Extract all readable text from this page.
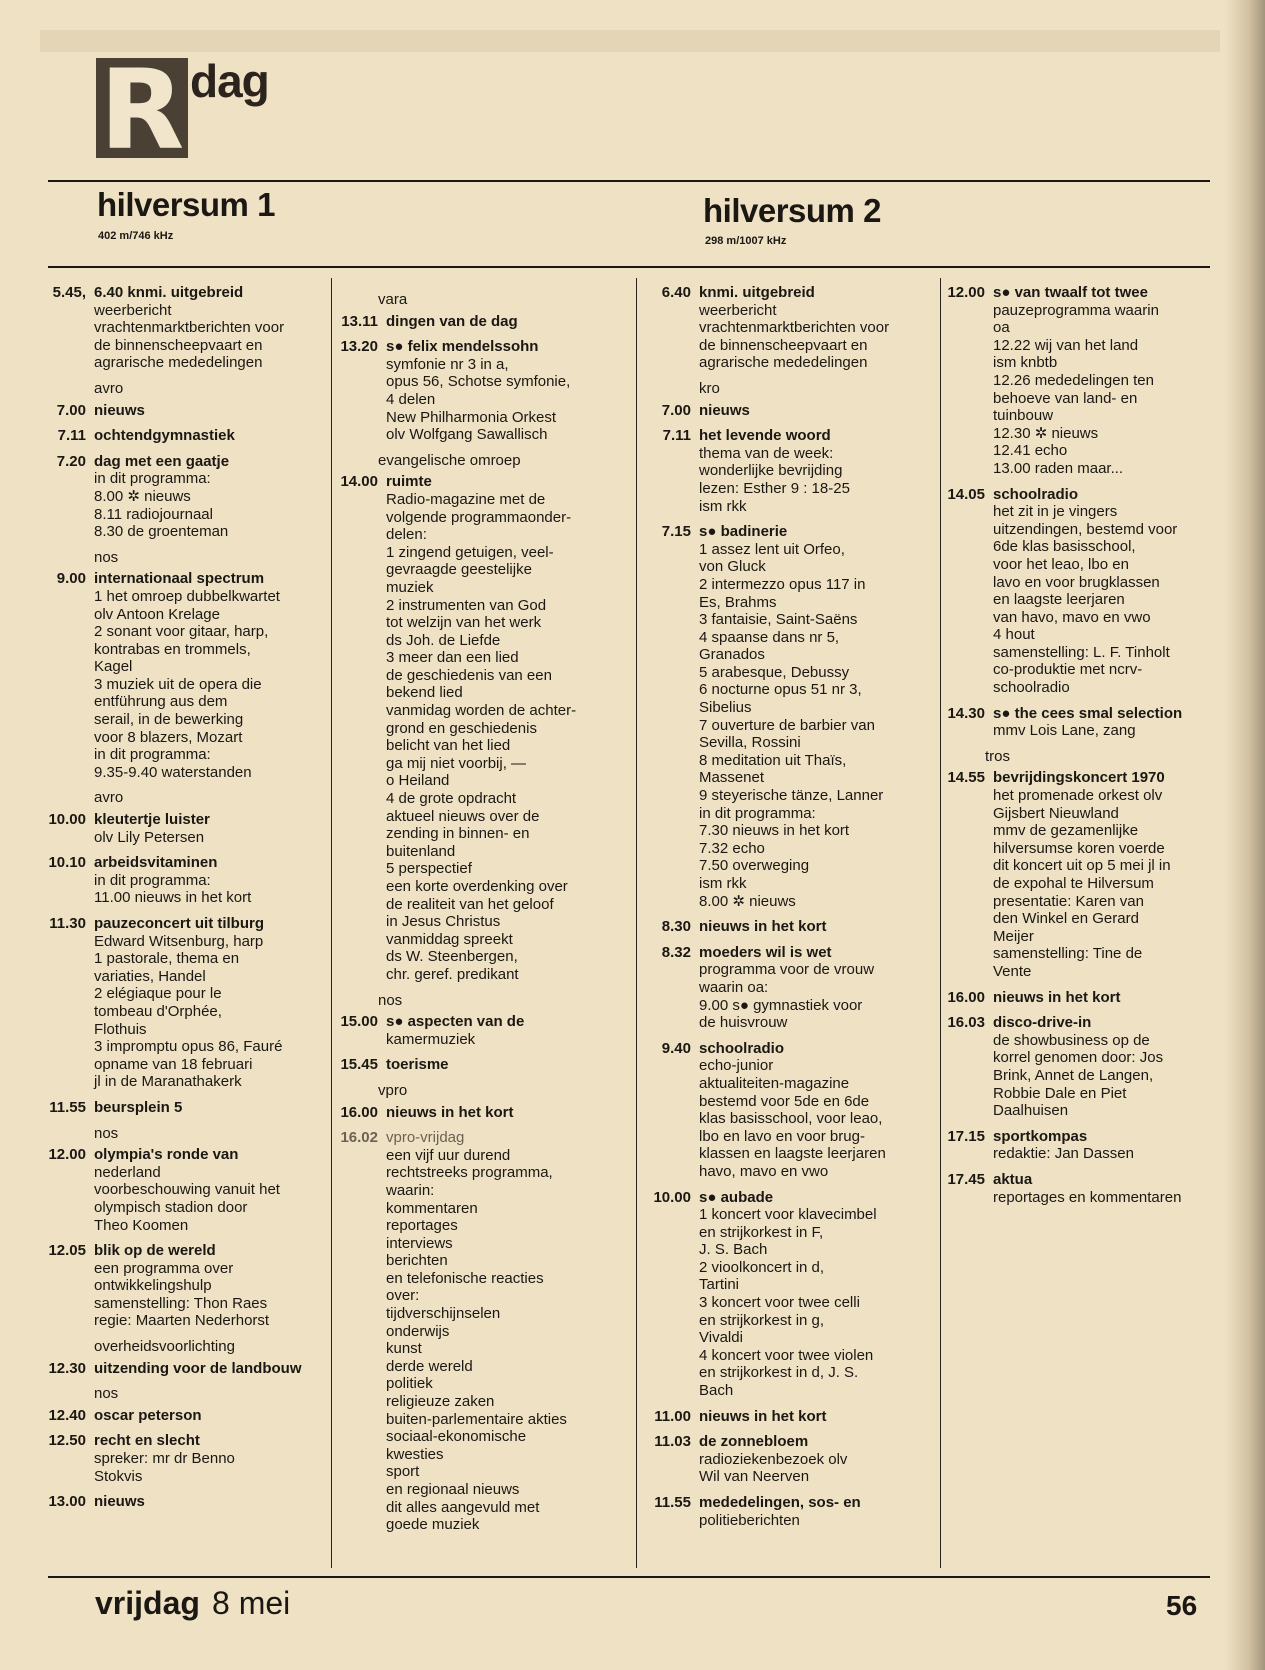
R dag
hilversum 1
402 m/746 kHz
hilversum 2
298 m/1007 kHz
5.45, 6.40 knmi. uitgebreid
weerbericht
vrachtenmarktberichten voor
de binnenscheepvaart en
agrarische mededelingen
avro
7.00 nieuws
7.11 ochtendgymnastiek
7.20 dag met een gaatje
in dit programma:
8.00 ✲ nieuws
8.11 radiojournaal
8.30 de groenteman
nos
9.00 internationaal spectrum
1 het omroep dubbelkwartet
olv Antoon Krelage
2 sonant voor gitaar, harp,
kontrabas en trommels,
Kagel
3 muziek uit de opera die
entführung aus dem
serail, in de bewerking
voor 8 blazers, Mozart
in dit programma:
9.35-9.40 waterstanden
avro
10.00 kleutertje luister
olv Lily Petersen
10.10 arbeidsvitaminen
in dit programma:
11.00 nieuws in het kort
11.30 pauzeconcert uit tilburg
Edward Witsenburg, harp
1 pastorale, thema en
variaties, Handel
2 elégiaque pour le
tombeau d'Orphée,
Flothuis
3 impromptu opus 86, Fauré
opname van 18 februari
jl in de Maranathakerk
11.55 beursplein 5
nos
12.00 olympia's ronde van
nederland
voorbeschouwing vanuit het
olympisch stadion door
Theo Koomen
12.05 blik op de wereld
een programma over
ontwikkelingshulp
samenstelling: Thon Raes
regie: Maarten Nederhorst
overheidsvoorlichting
12.30 uitzending voor de landbouw
nos
12.40 oscar peterson
12.50 recht en slecht
spreker: mr dr Benno
Stokvis
13.00 nieuws
vara
13.11 dingen van de dag
13.20 s● felix mendelssohn
symfonie nr 3 in a,
opus 56, Schotse symfonie,
4 delen
New Philharmonia Orkest
olv Wolfgang Sawallisch
evangelische omroep
14.00 ruimte
Radio-magazine met de
volgende programmaonder-
delen:
1 zingend getuigen, veel-
gevraagde geestelijke
muziek
2 instrumenten van God
tot welzijn van het werk
ds Joh. de Liefde
3 meer dan een lied
de geschiedenis van een
bekend lied
vanmidag worden de achter-
grond en geschiedenis
belicht van het lied
ga mij niet voorbij, —
o Heiland
4 de grote opdracht
aktueel nieuws over de
zending in binnen- en
buitenland
5 perspectief
een korte overdenking over
de realiteit van het geloof
in Jesus Christus
vanmiddag spreekt
ds W. Steenbergen,
chr. geref. predikant
nos
15.00 s● aspecten van de
kamermuziek
15.45 toerisme
vpro
16.00 nieuws in het kort
16.02 vpro-vrijdag
een vijf uur durend
rechtstreeks programma,
waarin:
kommentaren
reportages
interviews
berichten
en telefonische reacties
over:
tijdverschijnselen
onderwijs
kunst
derde wereld
politiek
religieuze zaken
buiten-parlementaire akties
sociaal-ekonomische
kwesties
sport
en regionaal nieuws
dit alles aangevuld met
goede muziek
6.40 knmi. uitgebreid
weerbericht
vrachtenmarktberichten voor
de binnenscheepvaart en
agrarische mededelingen
kro
7.00 nieuws
7.11 het levende woord
thema van de week:
wonderlijke bevrijding
lezen: Esther 9 : 18-25
ism rkk
7.15 s● badinerie
1 assez lent uit Orfeo,
von Gluck
2 intermezzo opus 117 in
Es, Brahms
3 fantaisie, Saint-Saëns
4 spaanse dans nr 5,
Granados
5 arabesque, Debussy
6 nocturne opus 51 nr 3,
Sibelius
7 ouverture de barbier van
Sevilla, Rossini
8 meditation uit Thaïs,
Massenet
9 steyerische tänze, Lanner
in dit programma:
7.30 nieuws in het kort
7.32 echo
7.50 overweging
ism rkk
8.00 ✲ nieuws
8.30 nieuws in het kort
8.32 moeders wil is wet
programma voor de vrouw
waarin oa:
9.00 s● gymnastiek voor
de huisvrouw
9.40 schoolradio
echo-junior
aktualiteiten-magazine
bestemd voor 5de en 6de
klas basisschool, voor leao,
lbo en lavo en voor brug-
klassen en laagste leerjaren
havo, mavo en vwo
10.00 s● aubade
1 koncert voor klavecimbel
en strijkorkest in F,
J. S. Bach
2 vioolkoncert in d,
Tartini
3 koncert voor twee celli
en strijkorkest in g,
Vivaldi
4 koncert voor twee violen
en strijkorkest in d, J. S.
Bach
11.00 nieuws in het kort
11.03 de zonnebloem
radioziekenbezoek olv
Wil van Neerven
11.55 mededelingen, sos- en
politieberichten
12.00 s● van twaalf tot twee
pauzeprogramma waarin
oa
12.22 wij van het land
ism knbtb
12.26 mededelingen ten
behoeve van land- en
tuinbouw
12.30 ✲ nieuws
12.41 echo
13.00 raden maar...
14.05 schoolradio
het zit in je vingers
uitzendingen, bestemd voor
6de klas basisschool,
voor het leao, lbo en
lavo en voor brugklassen
en laagste leerjaren
van havo, mavo en vwo
4 hout
samenstelling: L. F. Tinholt
co-produktie met ncrv-
schoolradio
14.30 s● the cees smal selection
mmv Lois Lane, zang
tros
14.55 bevrijdingskoncert 1970
het promenade orkest olv
Gijsbert Nieuwland
mmv de gezamenlijke
hilversumse koren voerde
dit koncert uit op 5 mei jl in
de expohal te Hilversum
presentatie: Karen van
den Winkel en Gerard
Meijer
samenstelling: Tine de
Vente
16.00 nieuws in het kort
16.03 disco-drive-in
de showbusiness op de
korrel genomen door: Jos
Brink, Annet de Langen,
Robbie Dale en Piet
Daalhuisen
17.15 sportkompas
redaktie: Jan Dassen
17.45 aktua
reportages en kommentaren
vrijdag 8 mei	56
